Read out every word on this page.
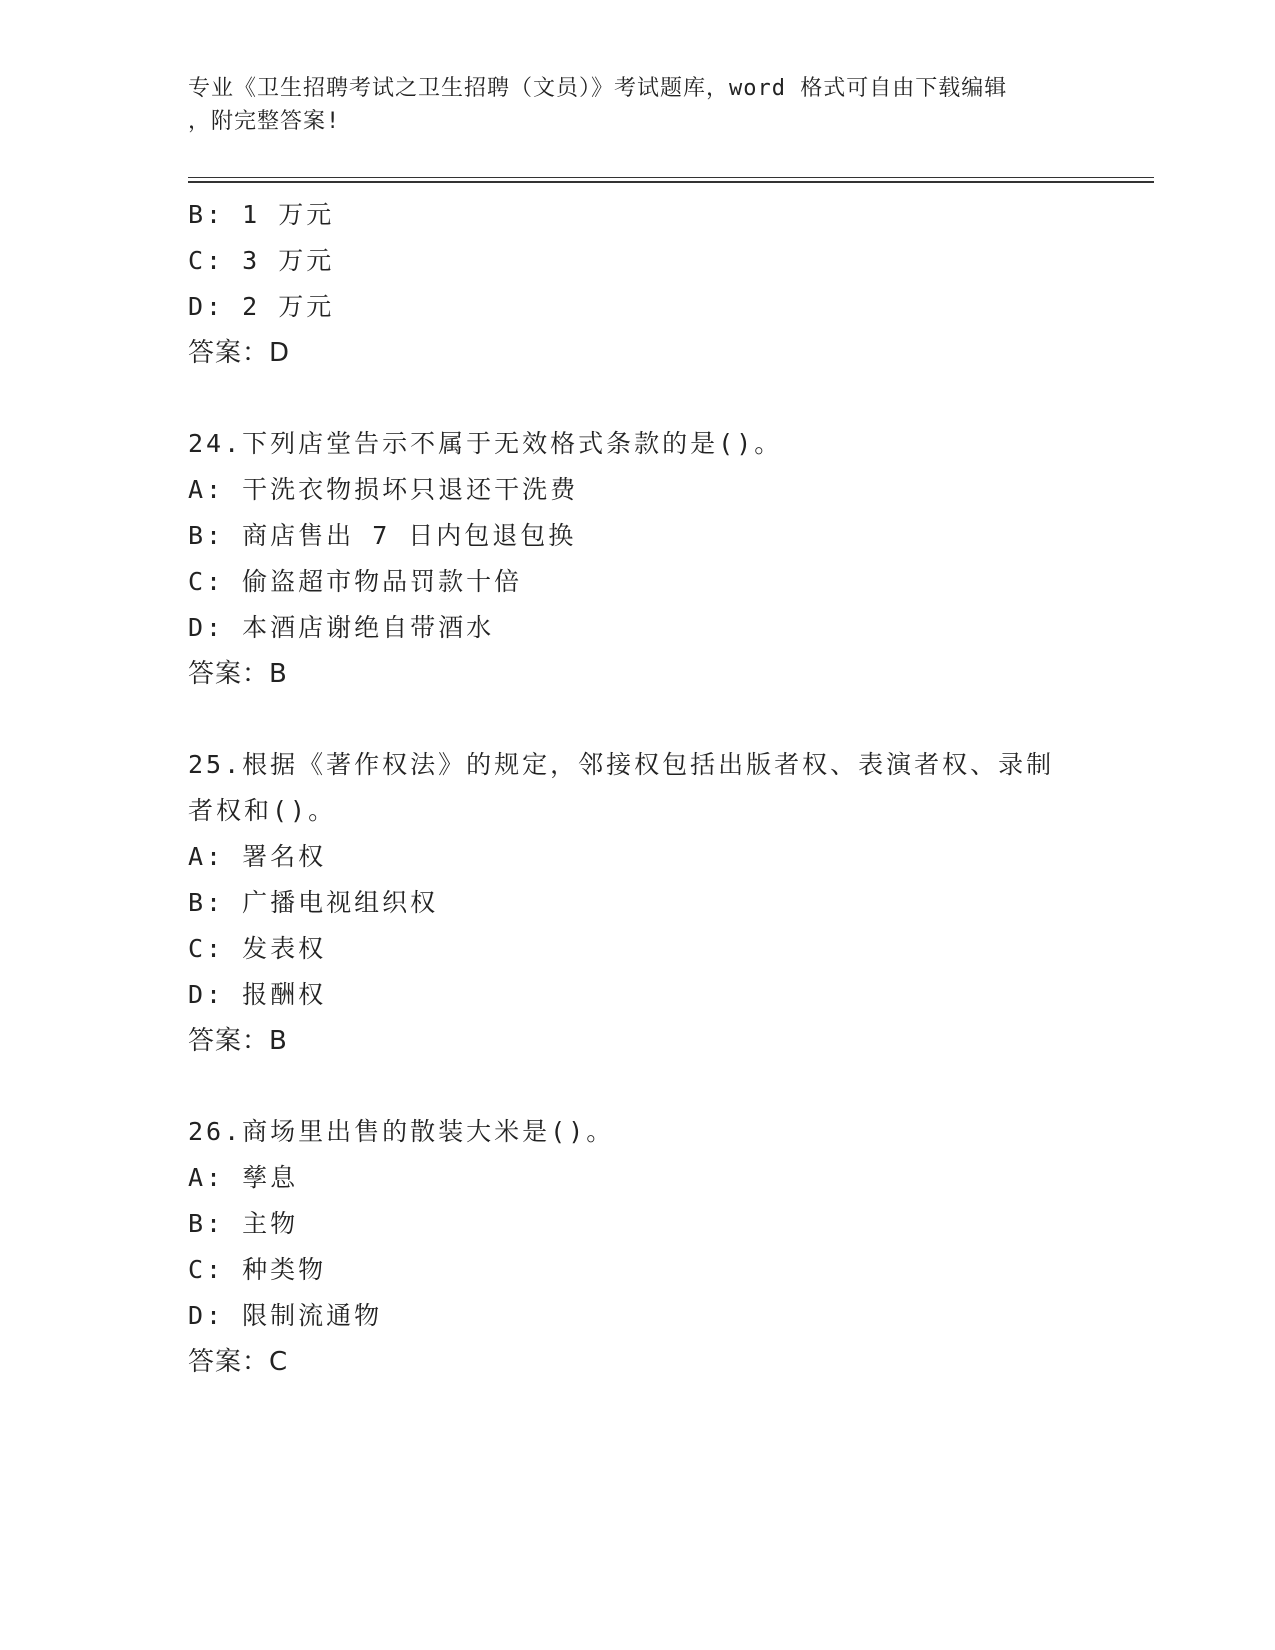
专业《卫生招聘考试之卫生招聘（文员）》考试题库，word 格式可自由下载编辑
，附完整答案!
B: 1 万元
C: 3 万元
D: 2 万元
答案：D
24.下列店堂告示不属于无效格式条款的是()。
A: 干洗衣物损坏只退还干洗费
B: 商店售出 7 日内包退包换
C: 偷盗超市物品罚款十倍
D: 本酒店谢绝自带酒水
答案：B
25.根据《著作权法》的规定，邻接权包括出版者权、表演者权、录制
者权和()。
A: 署名权
B: 广播电视组织权
C: 发表权
D: 报酬权
答案：B
26.商场里出售的散装大米是()。
A: 孳息
B: 主物
C: 种类物
D: 限制流通物
答案：C
